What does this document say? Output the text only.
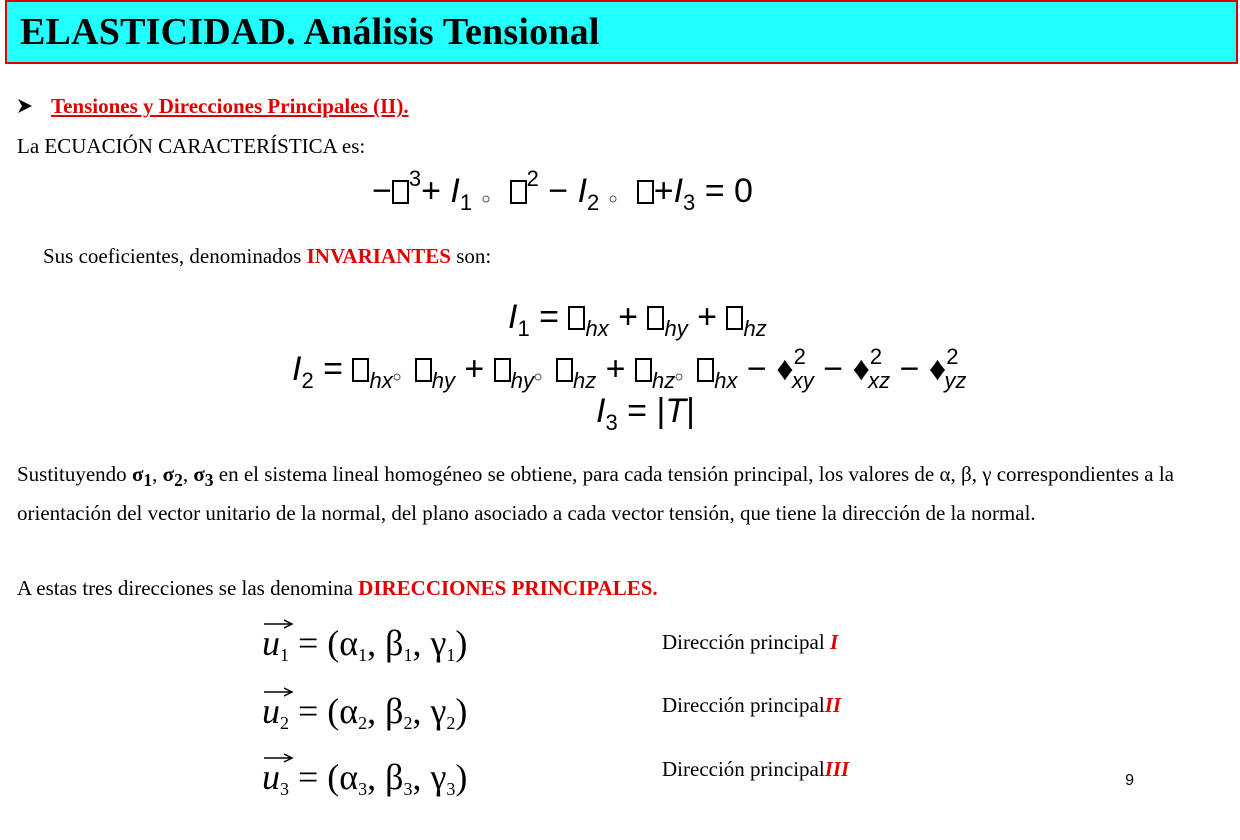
ELASTICIDAD. Análisis Tensional
Tensiones y Direcciones Principales (II).
La ECUACIÓN CARACTERÍSTICA es:
− $^3+ I_1$ $^2 - I_2 +I_3 = 0$
Sus coeficientes, denominados INVARIANTES son:
$I_1 = _{hx} + _{hy} + _{hz}$
$I_2 = _{hx}$ $_{hy}$ + $_{hy}$ $_{hz}$ + $_{hz}$ $_{hx}$ − ♦$^2_{xy}$ − ♦$^2_{xz}$ − ♦$^2_{yz}$
$I_3 = |T|$
Sustituyendo $\sigma_1$, $\sigma_2$, $\sigma_3$ en el sistema lineal homogéneo se obtiene, para cada tensión principal, los valores de α, β, γ correspondientes a la orientación del vector unitario de la normal, del plano asociado a cada vector tensión, que tiene la dirección de la normal.
A estas tres direcciones se las denomina DIRECCIONES PRINCIPALES.
$u_1 = (\alpha_1$, $\beta_1$, $\gamma_1$)	Dirección principal I
$u_2 = (\alpha_2$, $\beta_2$, $\gamma_2$)	Dirección principalII
$u_3 = (\alpha_3$, $\beta_3$, $\gamma_3$)	Dirección principalIII	9
